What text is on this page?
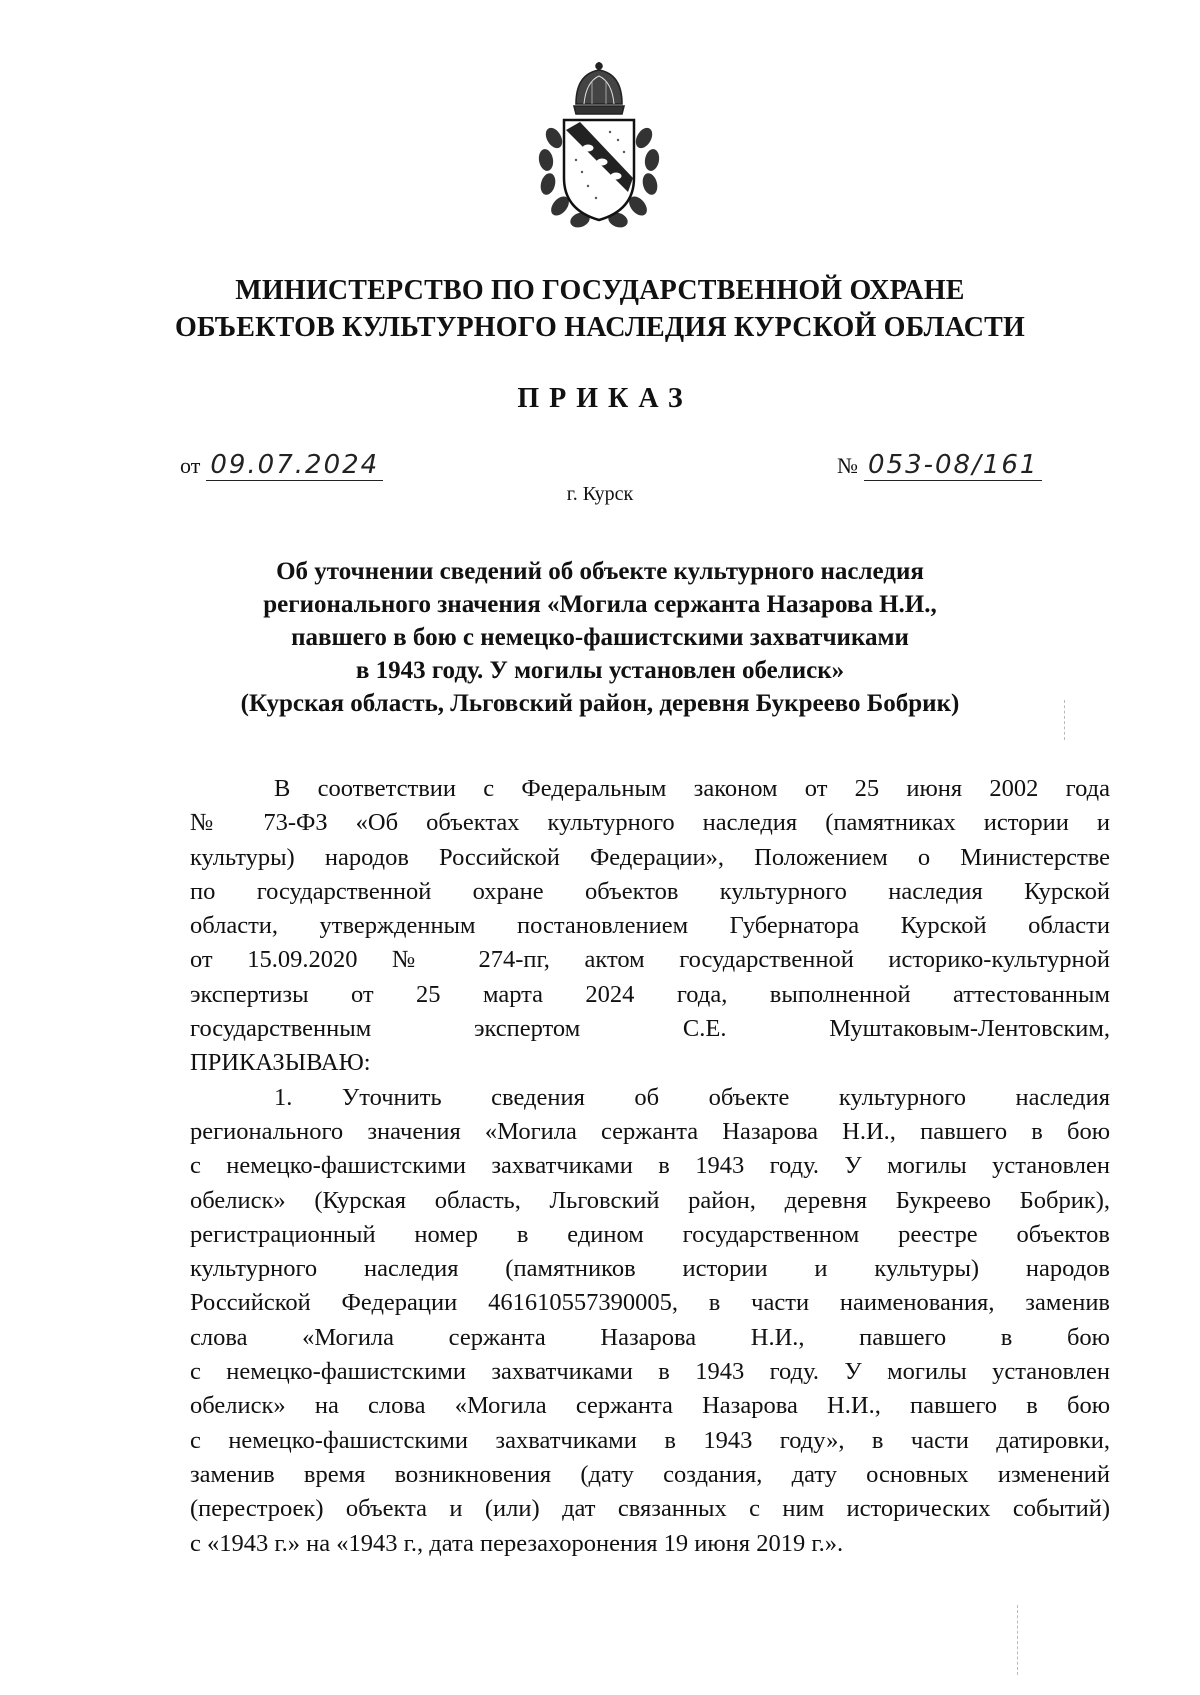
МИНИСТЕРСТВО ПО ГОСУДАРСТВЕННОЙ ОХРАНЕ
ОБЪЕКТОВ КУЛЬТУРНОГО НАСЛЕДИЯ КУРСКОЙ ОБЛАСТИ
ПРИКАЗ
от 09.07.2024	№ 053-08/161
г. Курск
Об уточнении сведений об объекте культурного наследия
регионального значения «Могила сержанта Назарова Н.И.,
павшего в бою с немецко-фашистскими захватчиками
в 1943 году. У могилы установлен обелиск»
(Курская область, Льговский район, деревня Букреево Бобрик)
В соответствии с Федеральным законом от 25 июня 2002 года
№ 73-ФЗ «Об объектах культурного наследия (памятниках истории и
культуры) народов Российской Федерации», Положением о Министерстве
по государственной охране объектов культурного наследия Курской
области, утвержденным постановлением Губернатора Курской области
от 15.09.2020 № 274-пг, актом государственной историко-культурной
экспертизы от 25 марта 2024 года, выполненной аттестованным
государственным экспертом С.Е. Муштаковым-Лентовским,
ПРИКАЗЫВАЮ:
1. Уточнить сведения об объекте культурного наследия
регионального значения «Могила сержанта Назарова Н.И., павшего в бою
с немецко-фашистскими захватчиками в 1943 году. У могилы установлен
обелиск» (Курская область, Льговский район, деревня Букреево Бобрик),
регистрационный номер в едином государственном реестре объектов
культурного наследия (памятников истории и культуры) народов
Российской Федерации 461610557390005, в части наименования, заменив
слова «Могила сержанта Назарова Н.И., павшего в бою
с немецко-фашистскими захватчиками в 1943 году. У могилы установлен
обелиск» на слова «Могила сержанта Назарова Н.И., павшего в бою
с немецко-фашистскими захватчиками в 1943 году», в части датировки,
заменив время возникновения (дату создания, дату основных изменений
(перестроек) объекта и (или) дат связанных с ним исторических событий)
с «1943 г.» на «1943 г., дата перезахоронения 19 июня 2019 г.».
